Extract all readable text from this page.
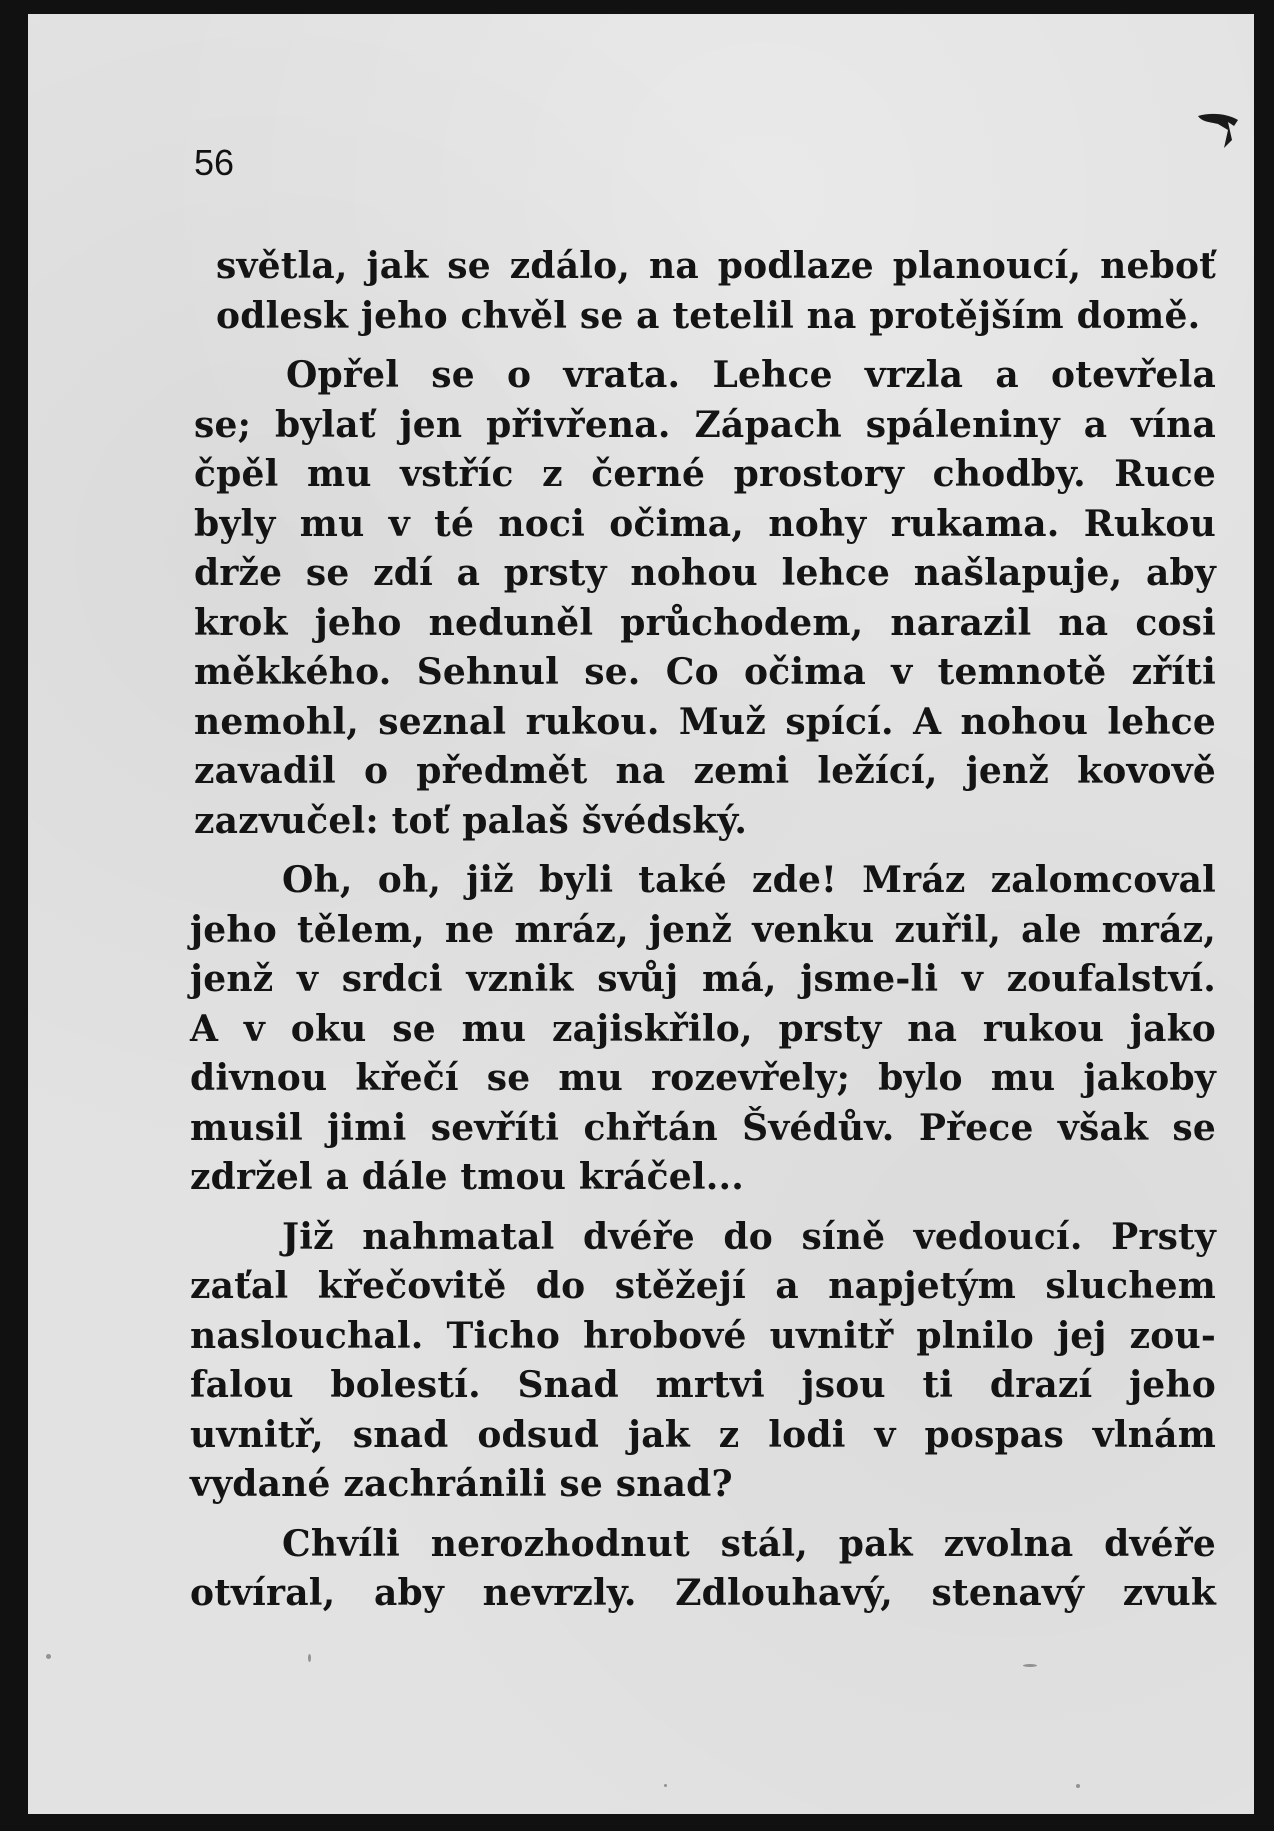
56
světla, jak se zdálo, na podlaze planoucí, neboť
odlesk jeho chvěl se a tetelil na protějším domě.
Opřel se o vrata. Lehce vrzla a otevřela
se; bylať jen přivřena. Zápach spáleniny a vína
čpěl mu vstříc z černé prostory chodby. Ruce
byly mu v té noci očima, nohy rukama. Rukou
drže se zdí a prsty nohou lehce našlapuje, aby
krok jeho neduněl průchodem, narazil na cosi
měkkého. Sehnul se. Co očima v temnotě zříti
nemohl, seznal rukou. Muž spící. A nohou lehce
zavadil o předmět na zemi ležící, jenž kovově
zazvučel: toť palaš švédský.
Oh, oh, již byli také zde! Mráz zalomcoval
jeho tělem, ne mráz, jenž venku zuřil, ale mráz,
jenž v srdci vznik svůj má, jsme-li v zoufalství.
A v oku se mu zajiskřilo, prsty na rukou jako
divnou křečí se mu rozevřely; bylo mu jakoby
musil jimi sevříti chřtán Švédův. Přece však se
zdržel a dále tmou kráčel...
Již nahmatal dvéře do síně vedoucí. Prsty
zaťal křečovitě do stěžejí a napjetým sluchem
naslouchal. Ticho hrobové uvnitř plnilo jej zou-
falou bolestí. Snad mrtvi jsou ti drazí jeho
uvnitř, snad odsud jak z lodi v pospas vlnám
vydané zachránili se snad?
Chvíli nerozhodnut stál, pak zvolna dvéře
otvíral, aby nevrzly. Zdlouhavý, stenavý zvuk
